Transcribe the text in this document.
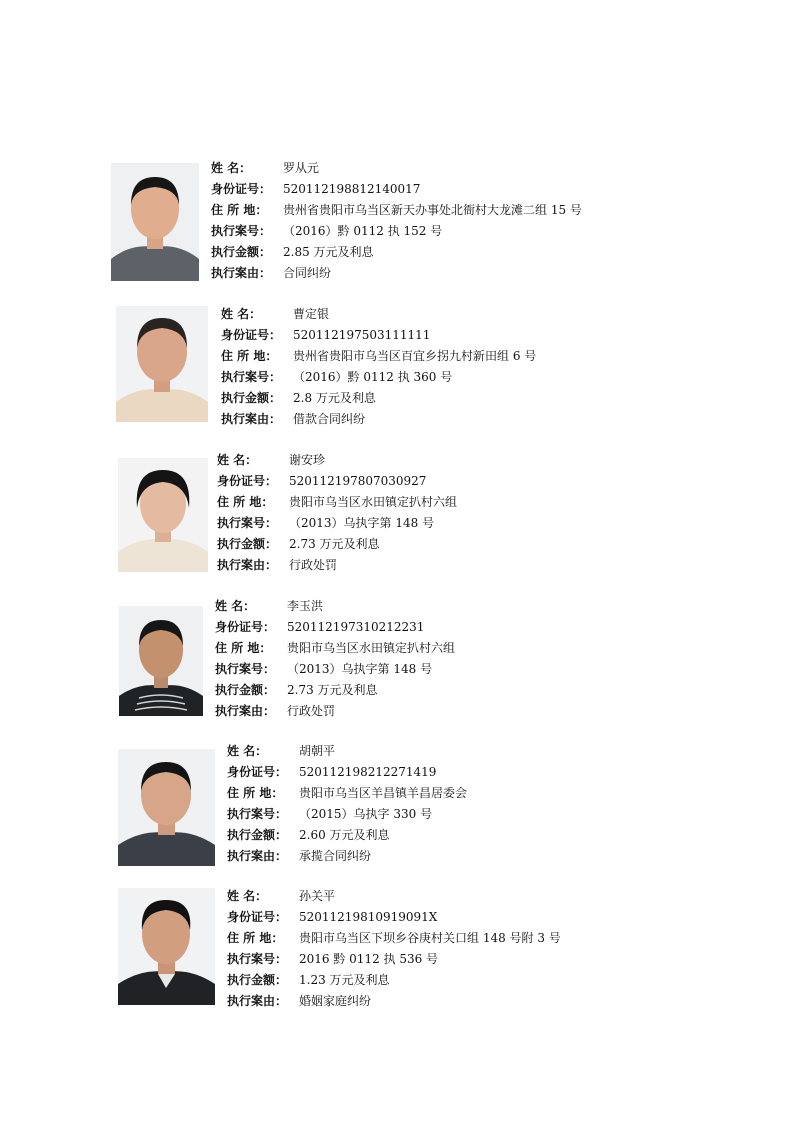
姓 名：	罗从元
身份证号： 520112198812140017
住 所 地： 贵州省贵阳市乌当区新天办事处北衙村大龙滩二组 15 号
执行案号： （2016）黔 0112 执 152 号
执行金额： 2.85 万元及利息
执行案由： 合同纠纷
姓 名：	曹定银
身份证号： 520112197503111111
住 所 地： 贵州省贵阳市乌当区百宜乡拐九村新田组 6 号
执行案号： （2016）黔 0112 执 360 号
执行金额： 2.8 万元及利息
执行案由： 借款合同纠纷
姓 名：	谢安珍
身份证号： 520112197807030927
住 所 地： 贵阳市乌当区水田镇定扒村六组
执行案号： （2013）乌执字第 148 号
执行金额： 2.73 万元及利息
执行案由： 行政处罚
姓 名：	李玉洪
身份证号： 520112197310212231
住 所 地： 贵阳市乌当区水田镇定扒村六组
执行案号： （2013）乌执字第 148 号
执行金额： 2.73 万元及利息
执行案由： 行政处罚
姓 名：	胡朝平
身份证号： 520112198212271419
住 所 地： 贵阳市乌当区羊昌镇羊昌居委会
执行案号： （2015）乌执字 330 号
执行金额： 2.60 万元及利息
执行案由： 承揽合同纠纷
姓 名：	孙关平
身份证号： 52011219810919091X
住 所 地： 贵阳市乌当区下坝乡谷庚村关口组 148 号附 3 号
执行案号： 2016 黔 0112 执 536 号
执行金额： 1.23 万元及利息
执行案由： 婚姻家庭纠纷
